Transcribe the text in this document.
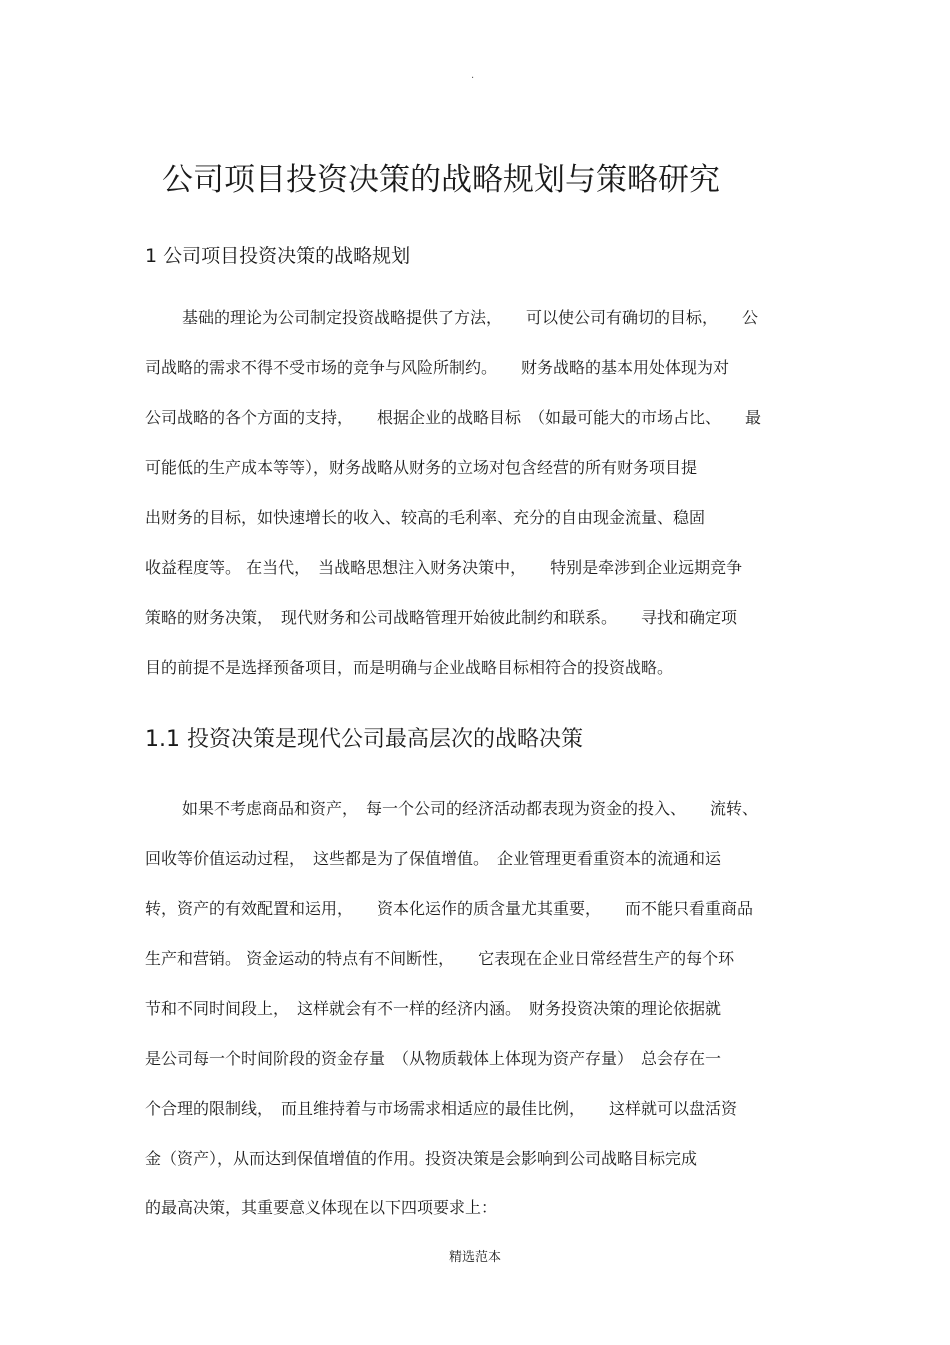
.
公司项目投资决策的战略规划与策略研究
1 公司项目投资决策的战略规划
基础的理论为公司制定投资战略提供了方法，　　可以使公司有确切的目标，　　公
司战略的需求不得不受市场的竞争与风险所制约。　　财务战略的基本用处体现为对
公司战略的各个方面的支持，　　根据企业的战略目标　（如最可能大的市场占比、　　最
可能低的生产成本等等），财务战略从财务的立场对包含经营的所有财务项目提
出财务的目标，如快速增长的收入、较高的毛利率、充分的自由现金流量、稳固
收益程度等。 在当代，　当战略思想注入财务决策中，　　特别是牵涉到企业远期竞争
策略的财务决策，　现代财务和公司战略管理开始彼此制约和联系。　　寻找和确定项
目的前提不是选择预备项目，而是明确与企业战略目标相符合的投资战略。
1.1 投资决策是现代公司最高层次的战略决策
如果不考虑商品和资产，　每一个公司的经济活动都表现为资金的投入、　　流转、
回收等价值运动过程，　这些都是为了保值增值。　企业管理更看重资本的流通和运
转，资产的有效配置和运用，　　资本化运作的质含量尤其重要，　　而不能只看重商品
生产和营销。 资金运动的特点有不间断性，　　它表现在企业日常经营生产的每个环
节和不同时间段上，　这样就会有不一样的经济内涵。　财务投资决策的理论依据就
是公司每一个时间阶段的资金存量　（从物质载体上体现为资产存量）　总会存在一
个合理的限制线，　而且维持着与市场需求相适应的最佳比例，　　这样就可以盘活资
金（资产），从而达到保值增值的作用。投资决策是会影响到公司战略目标完成
的最高决策，其重要意义体现在以下四项要求上：
精选范本
